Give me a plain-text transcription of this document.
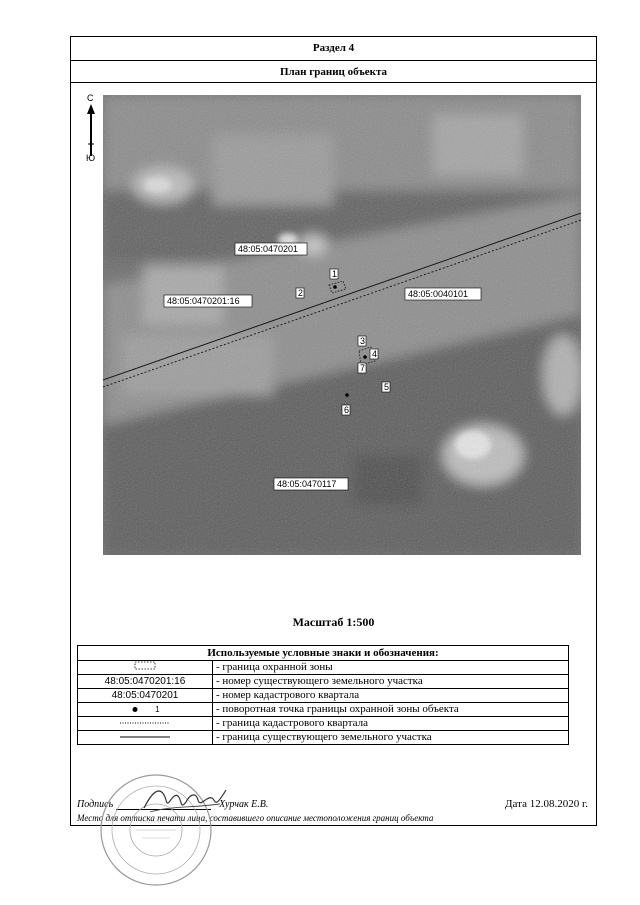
Раздел 4
План границ объекта
С
Ю
1
2
3
4
5
6
7
48:05:0470201
48:05:0470201:16
48:05:0040101
48:05:0470117
Масштаб 1:500
Используемые условные знаки и обозначения:	
	- граница охранной зоны
48:05:0470201:16	- номер существующего земельного участка
48:05:0470201	- номер кадастрового квартала
1	- поворотная точка границы охранной зоны объекта
	- граница кадастрового квартала
	- граница существующего земельного участка
Подпись	Хурчак Е.В.	Дата 12.08.2020 г.
Место для оттиска печати лица, составившего описание местоположения границ объекта
